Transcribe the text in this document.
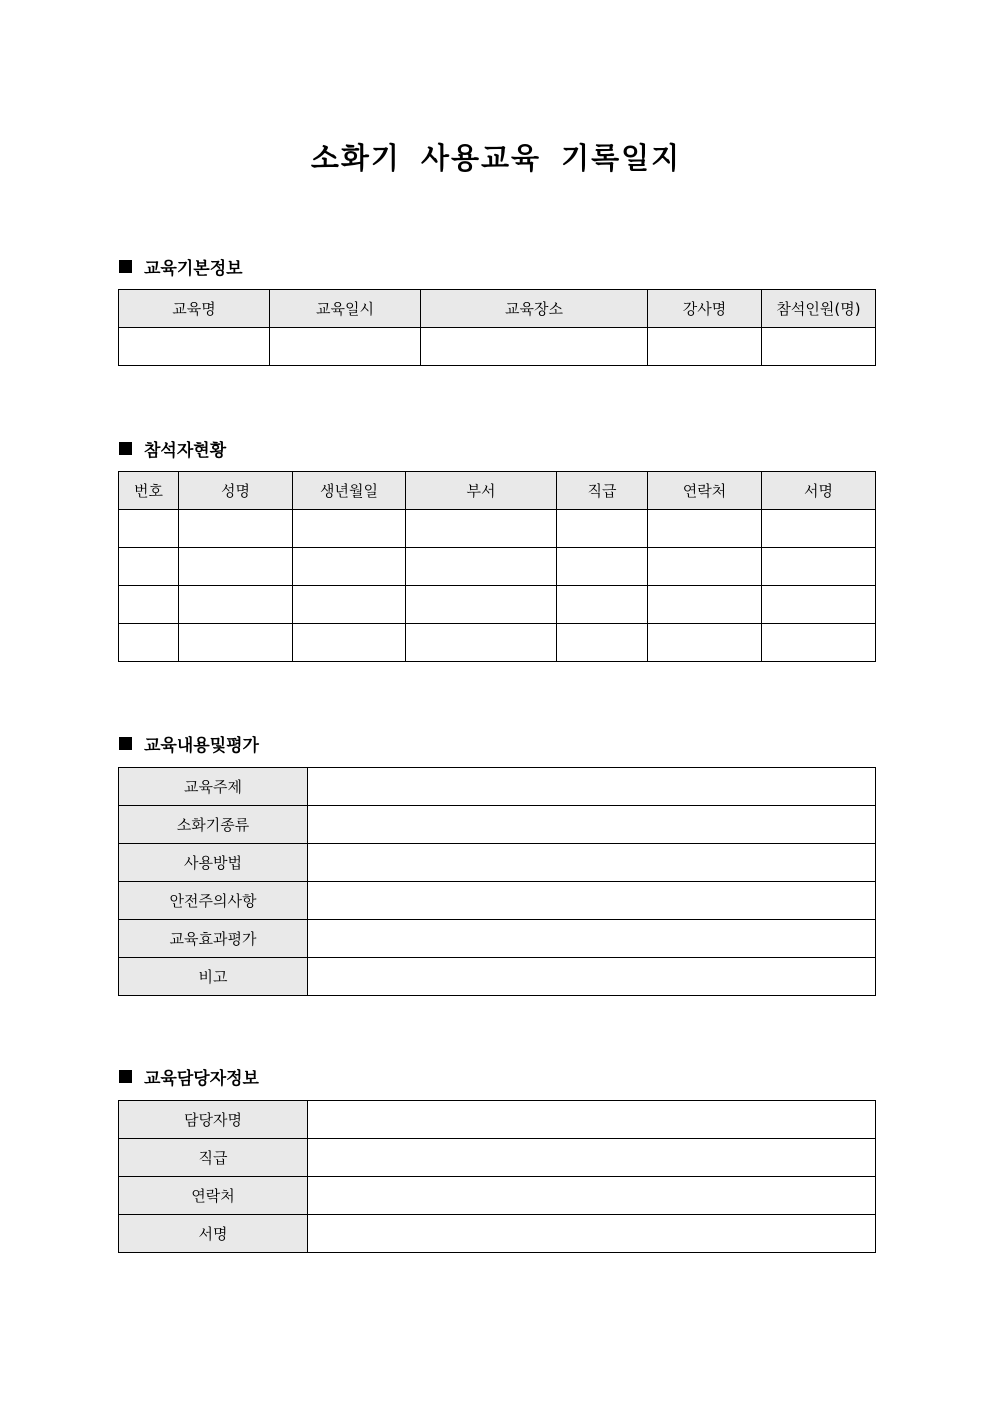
소화기 사용교육 기록일지
교육기본정보
교육명	교육일시	교육장소	강사명	참석인원(명)

참석자현황
번호	성명	생년월일	부서	직급	연락처	서명

교육내용및평가
교육주제	
소화기종류	
사용방법	
안전주의사항	
교육효과평가	
비고	
교육담당자정보
담당자명	
직급	
연락처	
서명	
